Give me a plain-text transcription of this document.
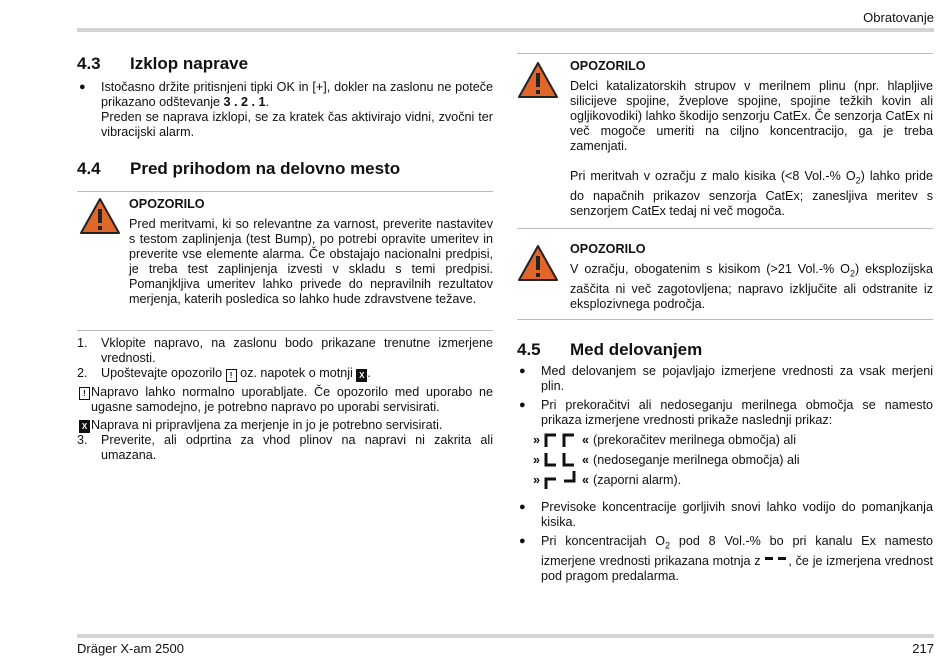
Obratovanje
4.3 Izklop naprave
● Istočasno držite pritisnjeni tipki OK in [+], dokler na zaslonu ne poteče prikazano odštevanje 3 . 2 . 1.
Preden se naprava izklopi, se za kratek čas aktivirajo vidni, zvočni ter vibracijski alarm.
4.4 Pred prihodom na delovno mesto
OPOZORILO
Pred meritvami, ki so relevantne za varnost, preverite nastavitev s testom zaplinjenja (test Bump), po potrebi opravite umeritev in preverite vse elemente alarma. Če obstajajo nacionalni predpisi, je treba test zaplinjenja izvesti v skladu s temi predpisi. Pomanjkljiva umeritev lahko privede do nepravilnih rezultatov merjenja, katerih posledica so lahko hude zdravstvene težave.
1. Vklopite napravo, na zaslonu bodo prikazane trenutne izmerjene vrednosti.
2. Upoštevajte opozorilo ! oz. napotek o motnji X .
! Napravo lahko normalno uporabljate. Če opozorilo med uporabo ne ugasne samodejno, je potrebno napravo po uporabi servisirati.
X Naprava ni pripravljena za merjenje in jo je potrebno servisirati.
3. Preverite, ali odprtina za vhod plinov na napravi ni zakrita ali umazana.
OPOZORILO
Delci katalizatorskih strupov v merilnem plinu (npr. hlapljive silicijeve spojine, žveplove spojine, spojine težkih kovin ali ogljikovodiki) lahko škodijo senzorju CatEx. Če senzorja CatEx ni več mogoče umeriti na ciljno koncentracijo, ga je treba zamenjati.
Pri meritvah v ozračju z malo kisika (<8 Vol.-% $O_2$) lahko pride do napačnih prikazov senzorja CatEx; zanesljiva meritev s senzorjem CatEx tedaj ni več mogoča.
OPOZORILO
V ozračju, obogatenim s kisikom (>21 Vol.-% $O_2$) eksplozijska zaščita ni več zagotovljena; napravo izključite ali odstranite iz eksplozivnega področja.
4.5 Med delovanjem
● Med delovanjem se pojavljajo izmerjene vrednosti za vsak merjeni plin.
● Pri prekoračitvi ali nedoseganju merilnega območja se namesto prikaza izmerjene vrednosti prikaže naslednji prikaz:
»	« (prekoračitev merilnega območja) ali
»	« (nedoseganje merilnega območja) ali
»	« (zaporni alarm).
● Previsoke koncentracije gorljivih snovi lahko vodijo do pomanjkanja kisika.
● Pri koncentracijah $O_2$ pod 8 Vol.-% bo pri kanalu Ex namesto izmerjene vrednosti prikazana motnja z , če je izmerjena vrednost pod pragom predalarma.
Dräger X-am 2500	217
